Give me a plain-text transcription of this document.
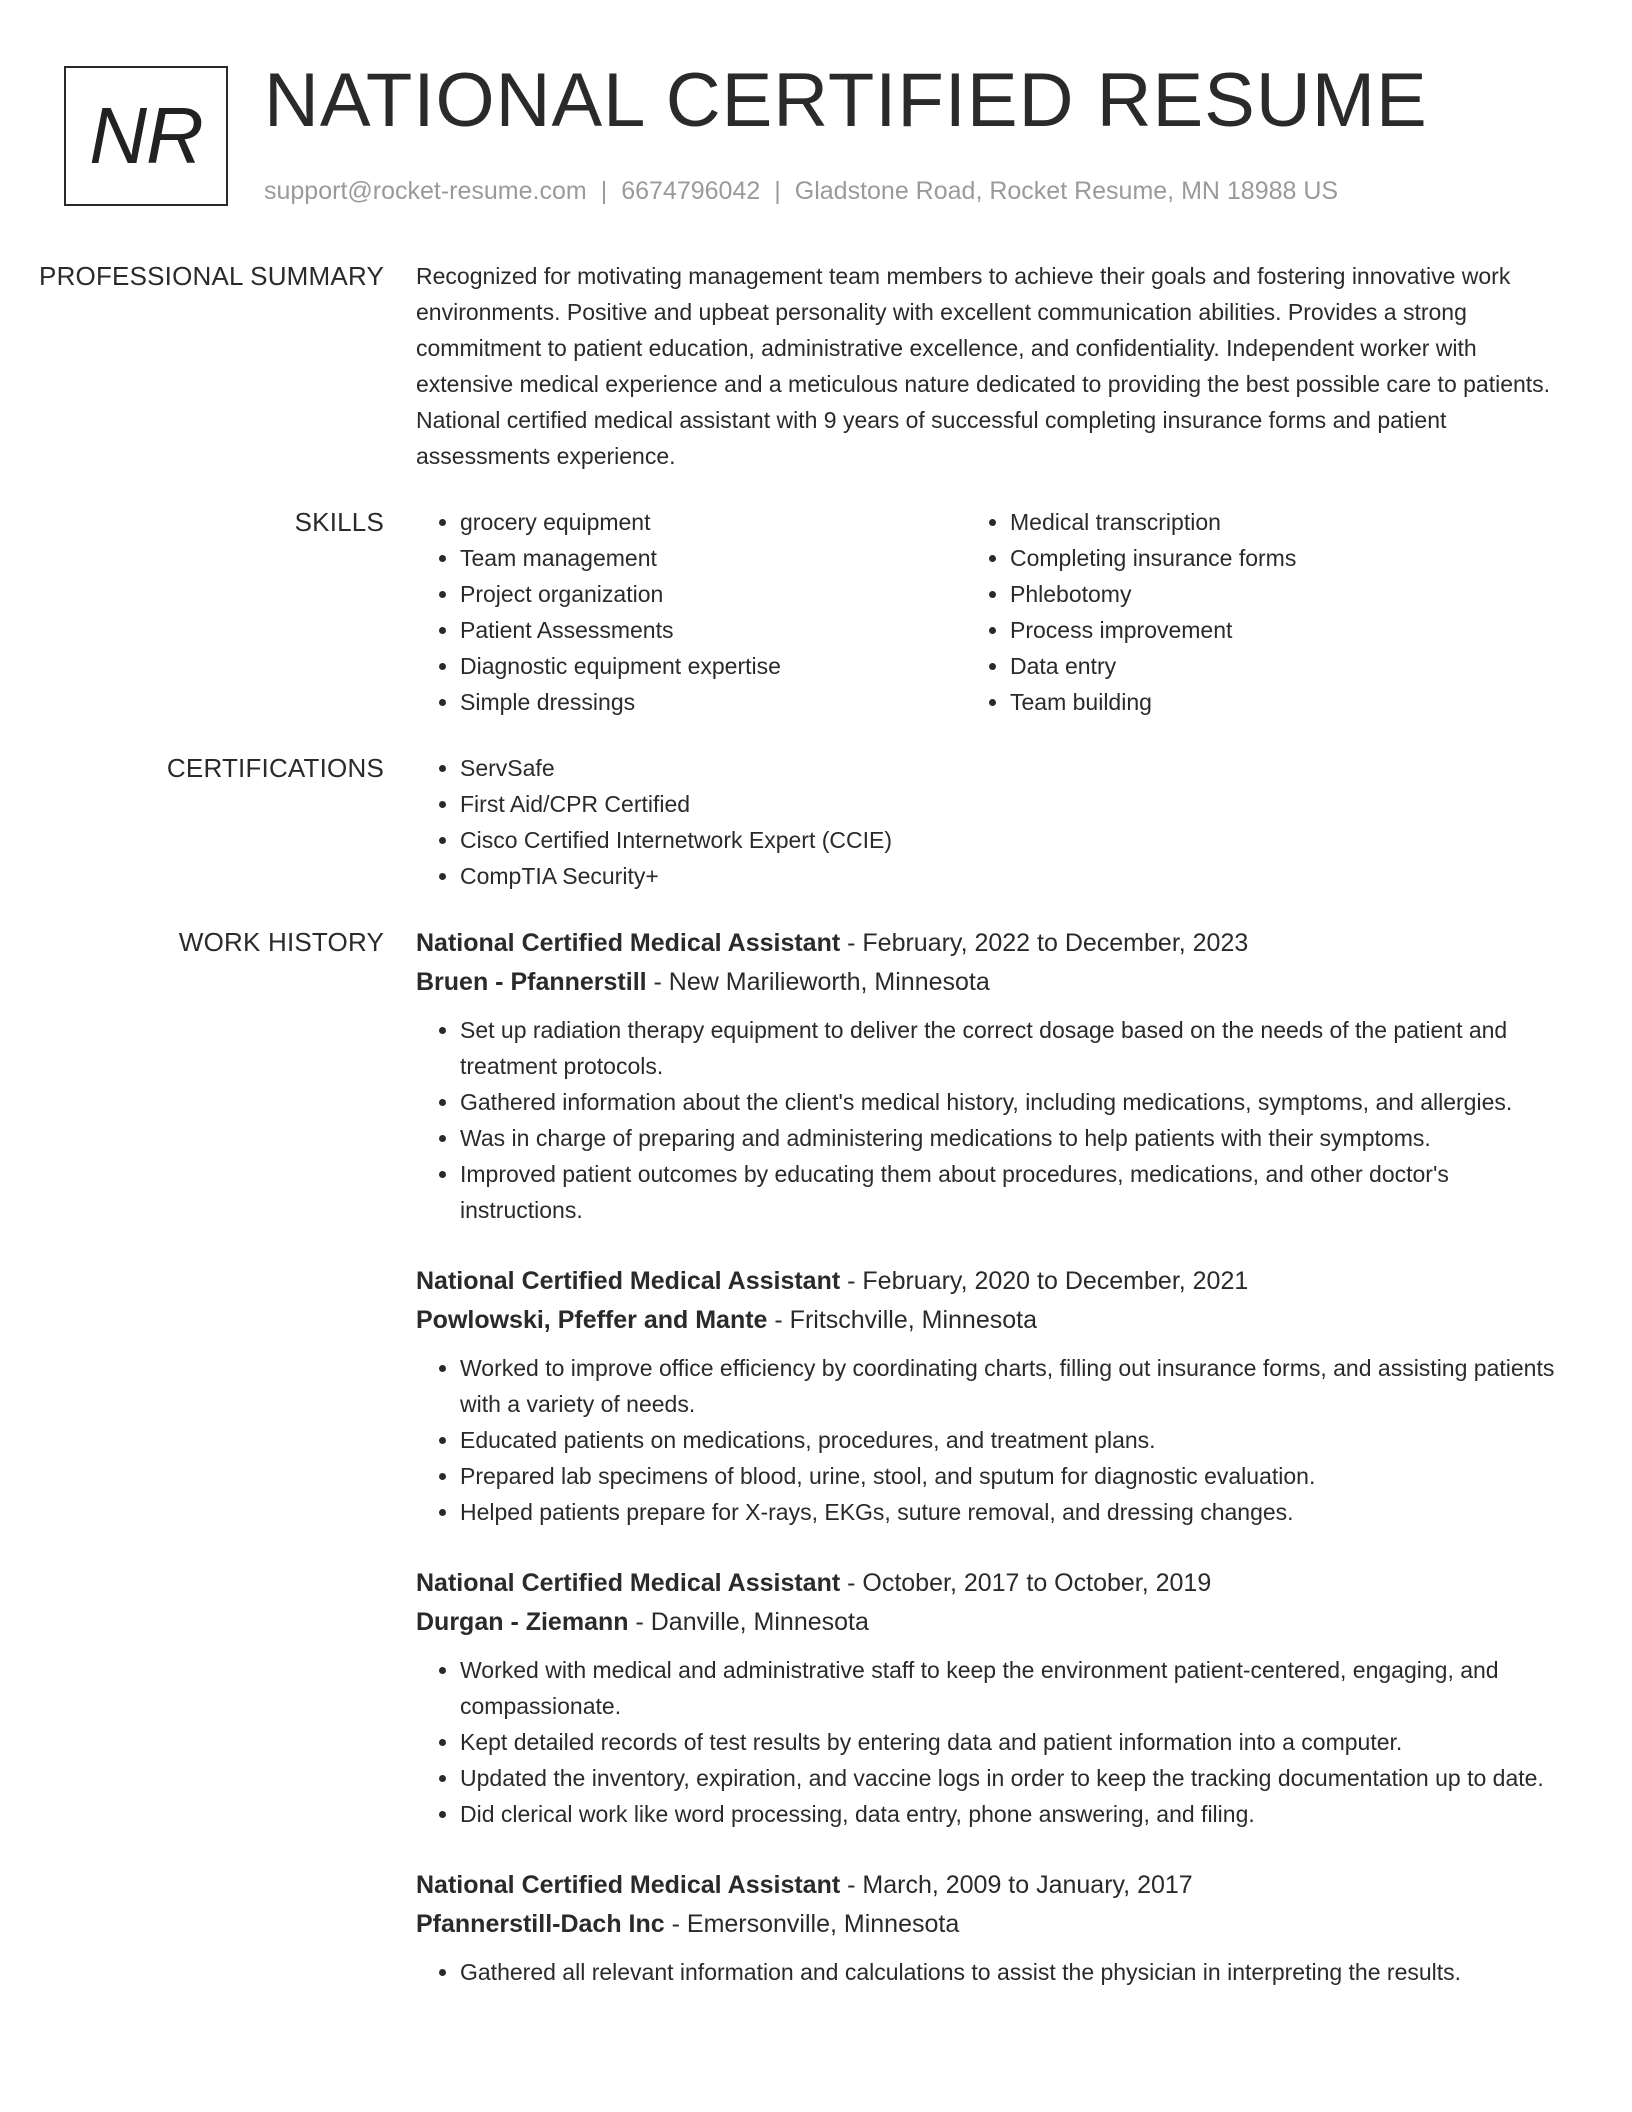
NR NATIONAL CERTIFIED RESUME
support@rocket-resume.com | 6674796042 | Gladstone Road, Rocket Resume, MN 18988 US
PROFESSIONAL SUMMARY	Recognized for motivating management team members to achieve their goals and fostering innovative work environments. Positive and upbeat personality with excellent communication abilities. Provides a strong commitment to patient education, administrative excellence, and confidentiality. Independent worker with extensive medical experience and a meticulous nature dedicated to providing the best possible care to patients. National certified medical assistant with 9 years of successful completing insurance forms and patient assessments experience.

SKILLS	• grocery equipment
• Team management
• Project organization
• Patient Assessments
• Diagnostic equipment expertise
• Simple dressings
• Medical transcription
• Completing insurance forms
• Phlebotomy
• Process improvement
• Data entry
• Team building
CERTIFICATIONS	• ServSafe
• First Aid/CPR Certified
• Cisco Certified Internetwork Expert (CCIE)
• CompTIA Security+
WORK HISTORY	National Certified Medical Assistant - February, 2022 to December, 2023
Bruen - Pfannerstill - New Marilieworth, Minnesota
• Set up radiation therapy equipment to deliver the correct dosage based on the needs of the patient and treatment protocols.
• Gathered information about the client's medical history, including medications, symptoms, and allergies.
• Was in charge of preparing and administering medications to help patients with their symptoms.
• Improved patient outcomes by educating them about procedures, medications, and other doctor's instructions.
National Certified Medical Assistant - February, 2020 to December, 2021
Powlowski, Pfeffer and Mante - Fritschville, Minnesota
• Worked to improve office efficiency by coordinating charts, filling out insurance forms, and assisting patients with a variety of needs.
• Educated patients on medications, procedures, and treatment plans.
• Prepared lab specimens of blood, urine, stool, and sputum for diagnostic evaluation.
• Helped patients prepare for X-rays, EKGs, suture removal, and dressing changes.
National Certified Medical Assistant - October, 2017 to October, 2019
Durgan - Ziemann - Danville, Minnesota
• Worked with medical and administrative staff to keep the environment patient-centered, engaging, and compassionate.
• Kept detailed records of test results by entering data and patient information into a computer.
• Updated the inventory, expiration, and vaccine logs in order to keep the tracking documentation up to date.
• Did clerical work like word processing, data entry, phone answering, and filing.
National Certified Medical Assistant - March, 2009 to January, 2017
Pfannerstill-Dach Inc - Emersonville, Minnesota
• Gathered all relevant information and calculations to assist the physician in interpreting the results.
